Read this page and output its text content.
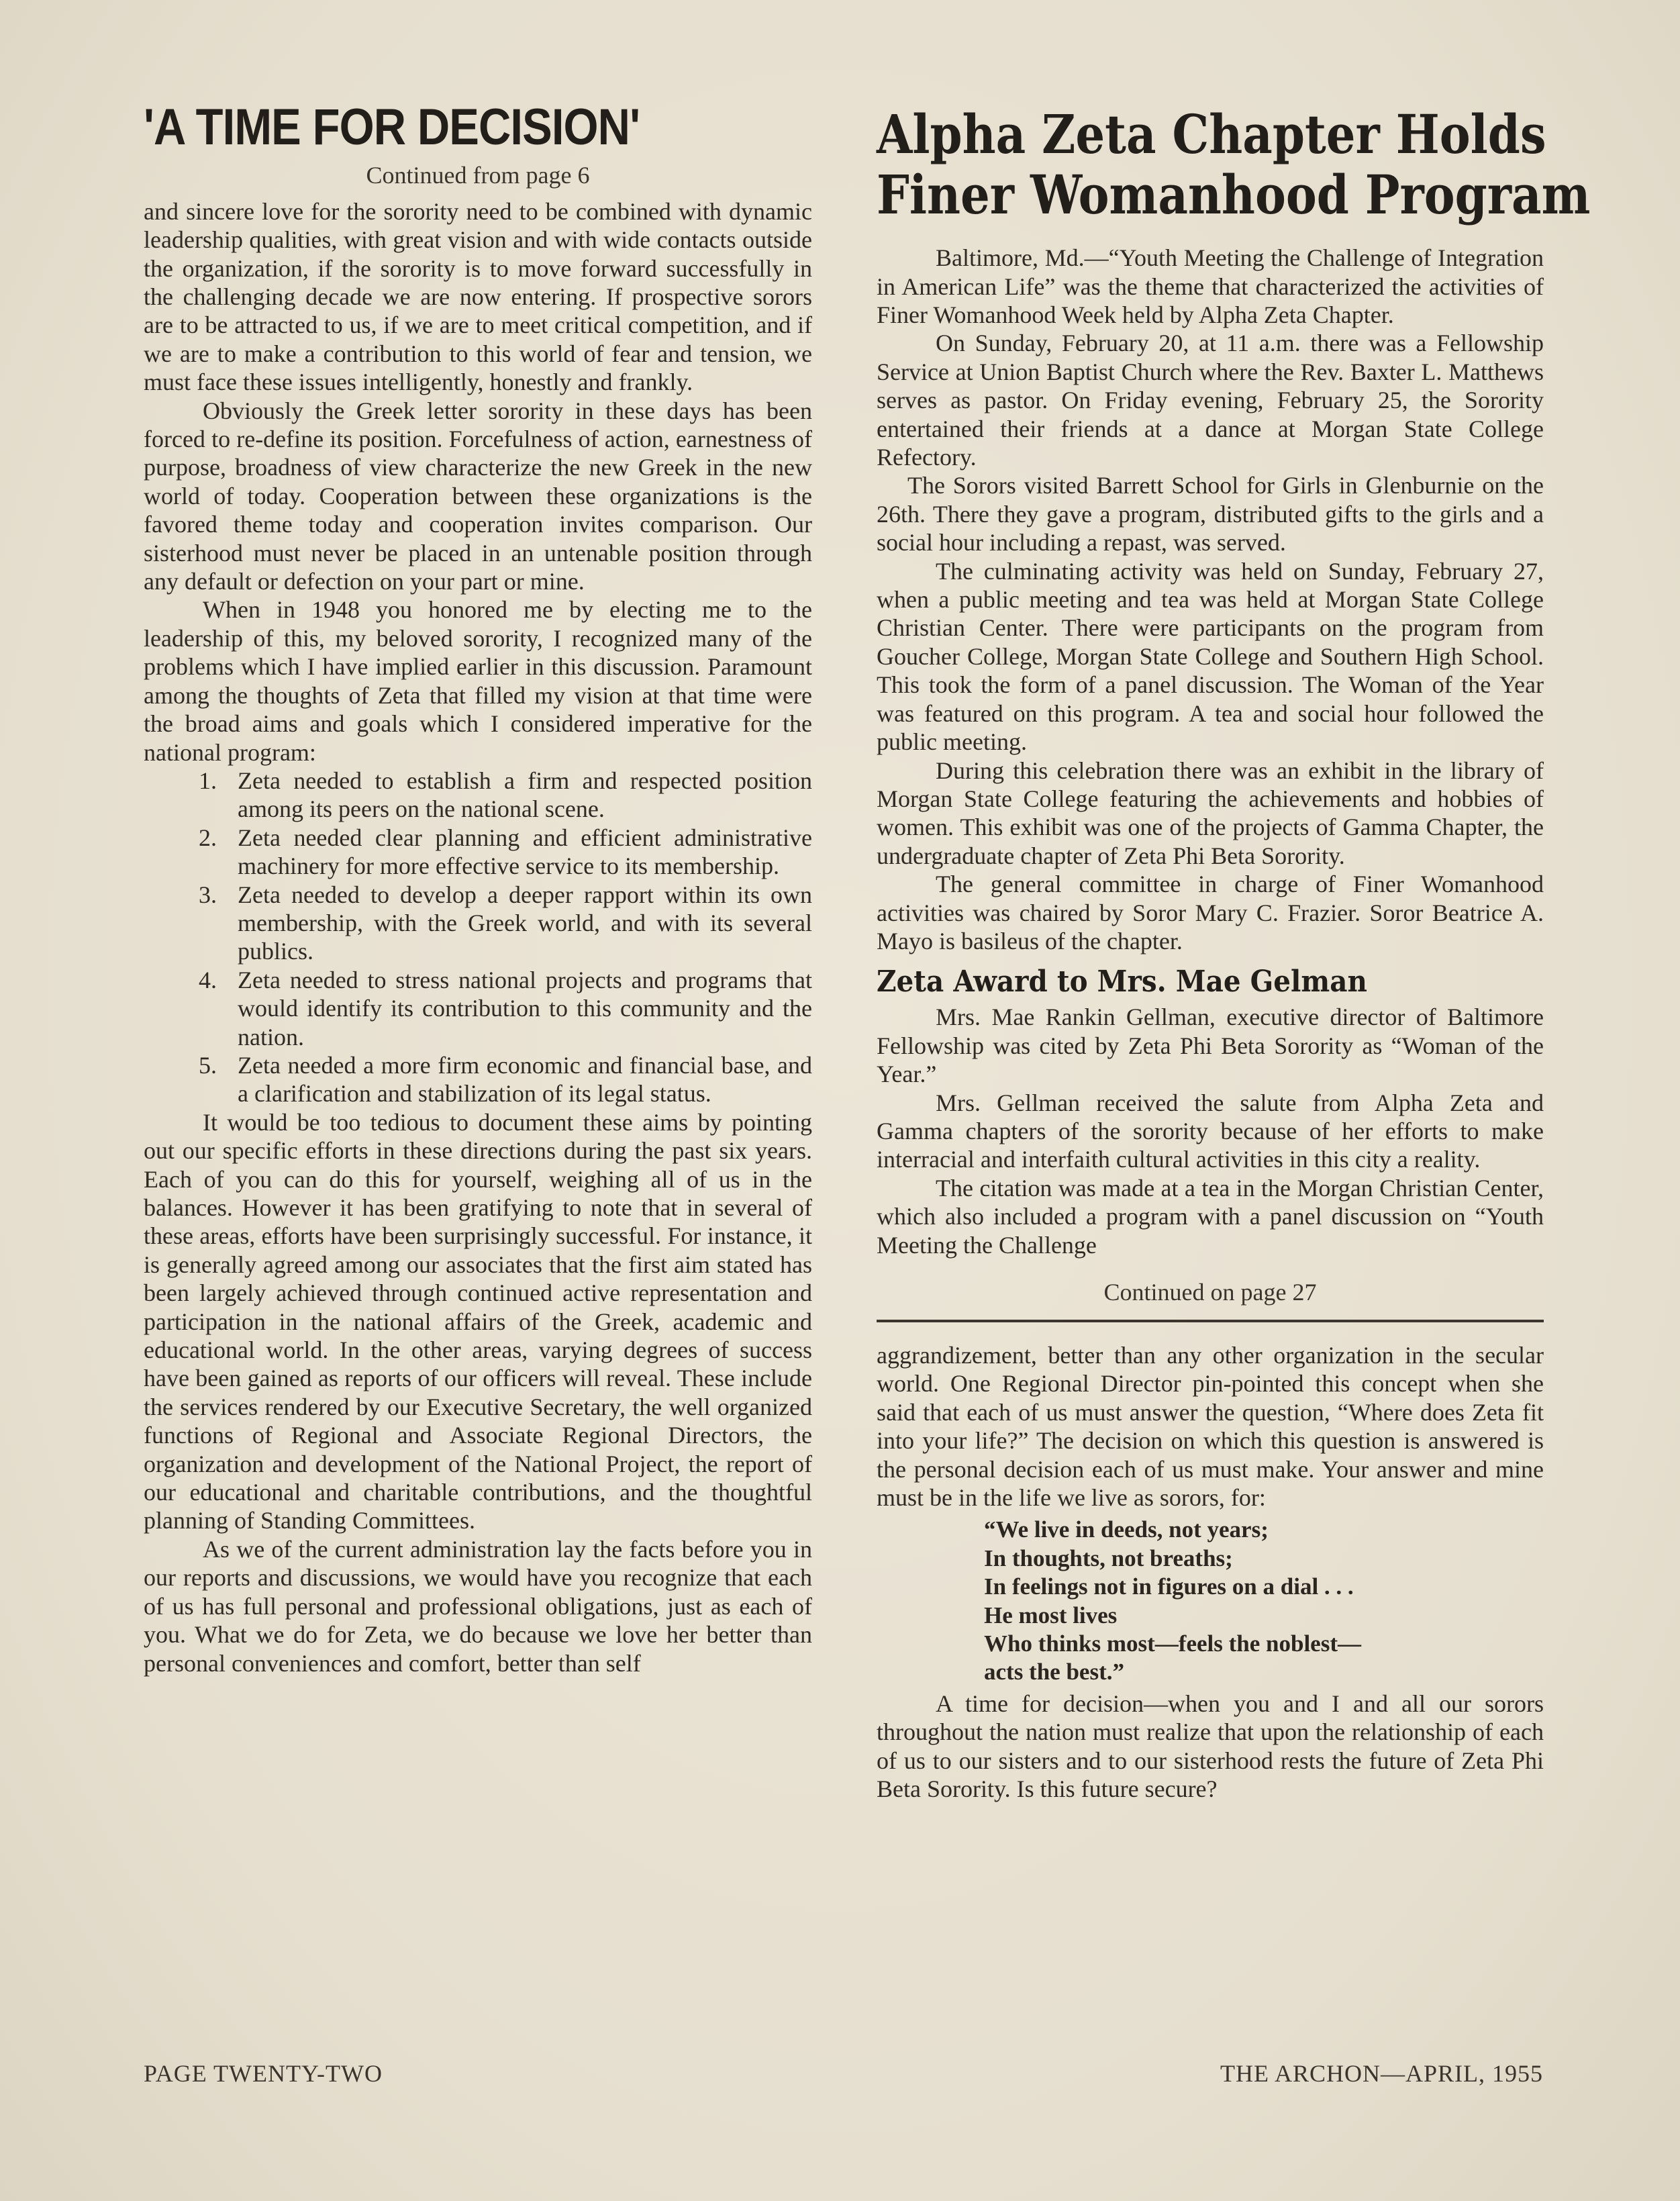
'A TIME FOR DECISION'
Continued from page 6

and sincere love for the sorority need to be combined with dynamic leadership qualities, with great vision and with wide contacts outside the organization, if the sorority is to move forward successfully in the challenging decade we are now entering. If prospective sorors are to be attracted to us, if we are to meet critical competition, and if we are to make a contribution to this world of fear and tension, we must face these issues intelligently, honestly and frankly.

Obviously the Greek letter sorority in these days has been forced to re-define its position. Forcefulness of action, earnestness of purpose, broadness of view characterize the new Greek in the new world of today. Cooperation between these organizations is the favored theme today and cooperation invites comparison. Our sisterhood must never be placed in an untenable position through any default or defection on your part or mine.

When in 1948 you honored me by electing me to the leadership of this, my beloved sorority, I recognized many of the problems which I have implied earlier in this discussion. Paramount among the thoughts of Zeta that filled my vision at that time were the broad aims and goals which I considered imperative for the national program:

1. Zeta needed to establish a firm and respected position among its peers on the national scene.
2. Zeta needed clear planning and efficient administrative machinery for more effective service to its membership.
3. Zeta needed to develop a deeper rapport within its own membership, with the Greek world, and with its several publics.
4. Zeta needed to stress national projects and programs that would identify its contribution to this community and the nation.
5. Zeta needed a more firm economic and financial base, and a clarification and stabilization of its legal status.

It would be too tedious to document these aims by pointing out our specific efforts in these directions during the past six years. Each of you can do this for yourself, weighing all of us in the balances. However it has been gratifying to note that in several of these areas, efforts have been surprisingly successful. For instance, it is generally agreed among our associates that the first aim stated has been largely achieved through continued active representation and participation in the national affairs of the Greek, academic and educational world. In the other areas, varying degrees of success have been gained as reports of our officers will reveal. These include the services rendered by our Executive Secretary, the well organized functions of Regional and Associate Regional Directors, the organization and development of the National Project, the report of our educational and charitable contributions, and the thoughtful planning of Standing Committees.

As we of the current administration lay the facts before you in our reports and discussions, we would have you recognize that each of us has full personal and professional obligations, just as each of you. What we do for Zeta, we do because we love her better than personal conveniences and comfort, better than self

Alpha Zeta Chapter Holds
Finer Womanhood Program

Baltimore, Md.—“Youth Meeting the Challenge of Integration in American Life” was the theme that characterized the activities of Finer Womanhood Week held by Alpha Zeta Chapter.

On Sunday, February 20, at 11 a.m. there was a Fellowship Service at Union Baptist Church where the Rev. Baxter L. Matthews serves as pastor. On Friday evening, February 25, the Sorority entertained their friends at a dance at Morgan State College Refectory.

The Sorors visited Barrett School for Girls in Glenburnie on the 26th. There they gave a program, distributed gifts to the girls and a social hour including a repast, was served.

The culminating activity was held on Sunday, February 27, when a public meeting and tea was held at Morgan State College Christian Center. There were participants on the program from Goucher College, Morgan State College and Southern High School. This took the form of a panel discussion. The Woman of the Year was featured on this program. A tea and social hour followed the public meeting.

During this celebration there was an exhibit in the library of Morgan State College featuring the achievements and hobbies of women. This exhibit was one of the projects of Gamma Chapter, the undergraduate chapter of Zeta Phi Beta Sorority.

The general committee in charge of Finer Womanhood activities was chaired by Soror Mary C. Frazier. Soror Beatrice A. Mayo is basileus of the chapter.

Zeta Award to Mrs. Mae Gelman

Mrs. Mae Rankin Gellman, executive director of Baltimore Fellowship was cited by Zeta Phi Beta Sorority as “Woman of the Year.”

Mrs. Gellman received the salute from Alpha Zeta and Gamma chapters of the sorority because of her efforts to make interracial and interfaith cultural activities in this city a reality.

The citation was made at a tea in the Morgan Christian Center, which also included a program with a panel discussion on “Youth Meeting the Challenge

Continued on page 27

aggrandizement, better than any other organization in the secular world. One Regional Director pin-pointed this concept when she said that each of us must answer the question, “Where does Zeta fit into your life?” The decision on which this question is answered is the personal decision each of us must make. Your answer and mine must be in the life we live as sorors, for:

“We live in deeds, not years;
In thoughts, not breaths;
In feelings not in figures on a dial . . .
He most lives
Who thinks most—feels the noblest—
acts the best.”

A time for decision—when you and I and all our sorors throughout the nation must realize that upon the relationship of each of us to our sisters and to our sisterhood rests the future of Zeta Phi Beta Sorority. Is this future secure?

PAGE TWENTY-TWO	THE ARCHON—APRIL, 1955
